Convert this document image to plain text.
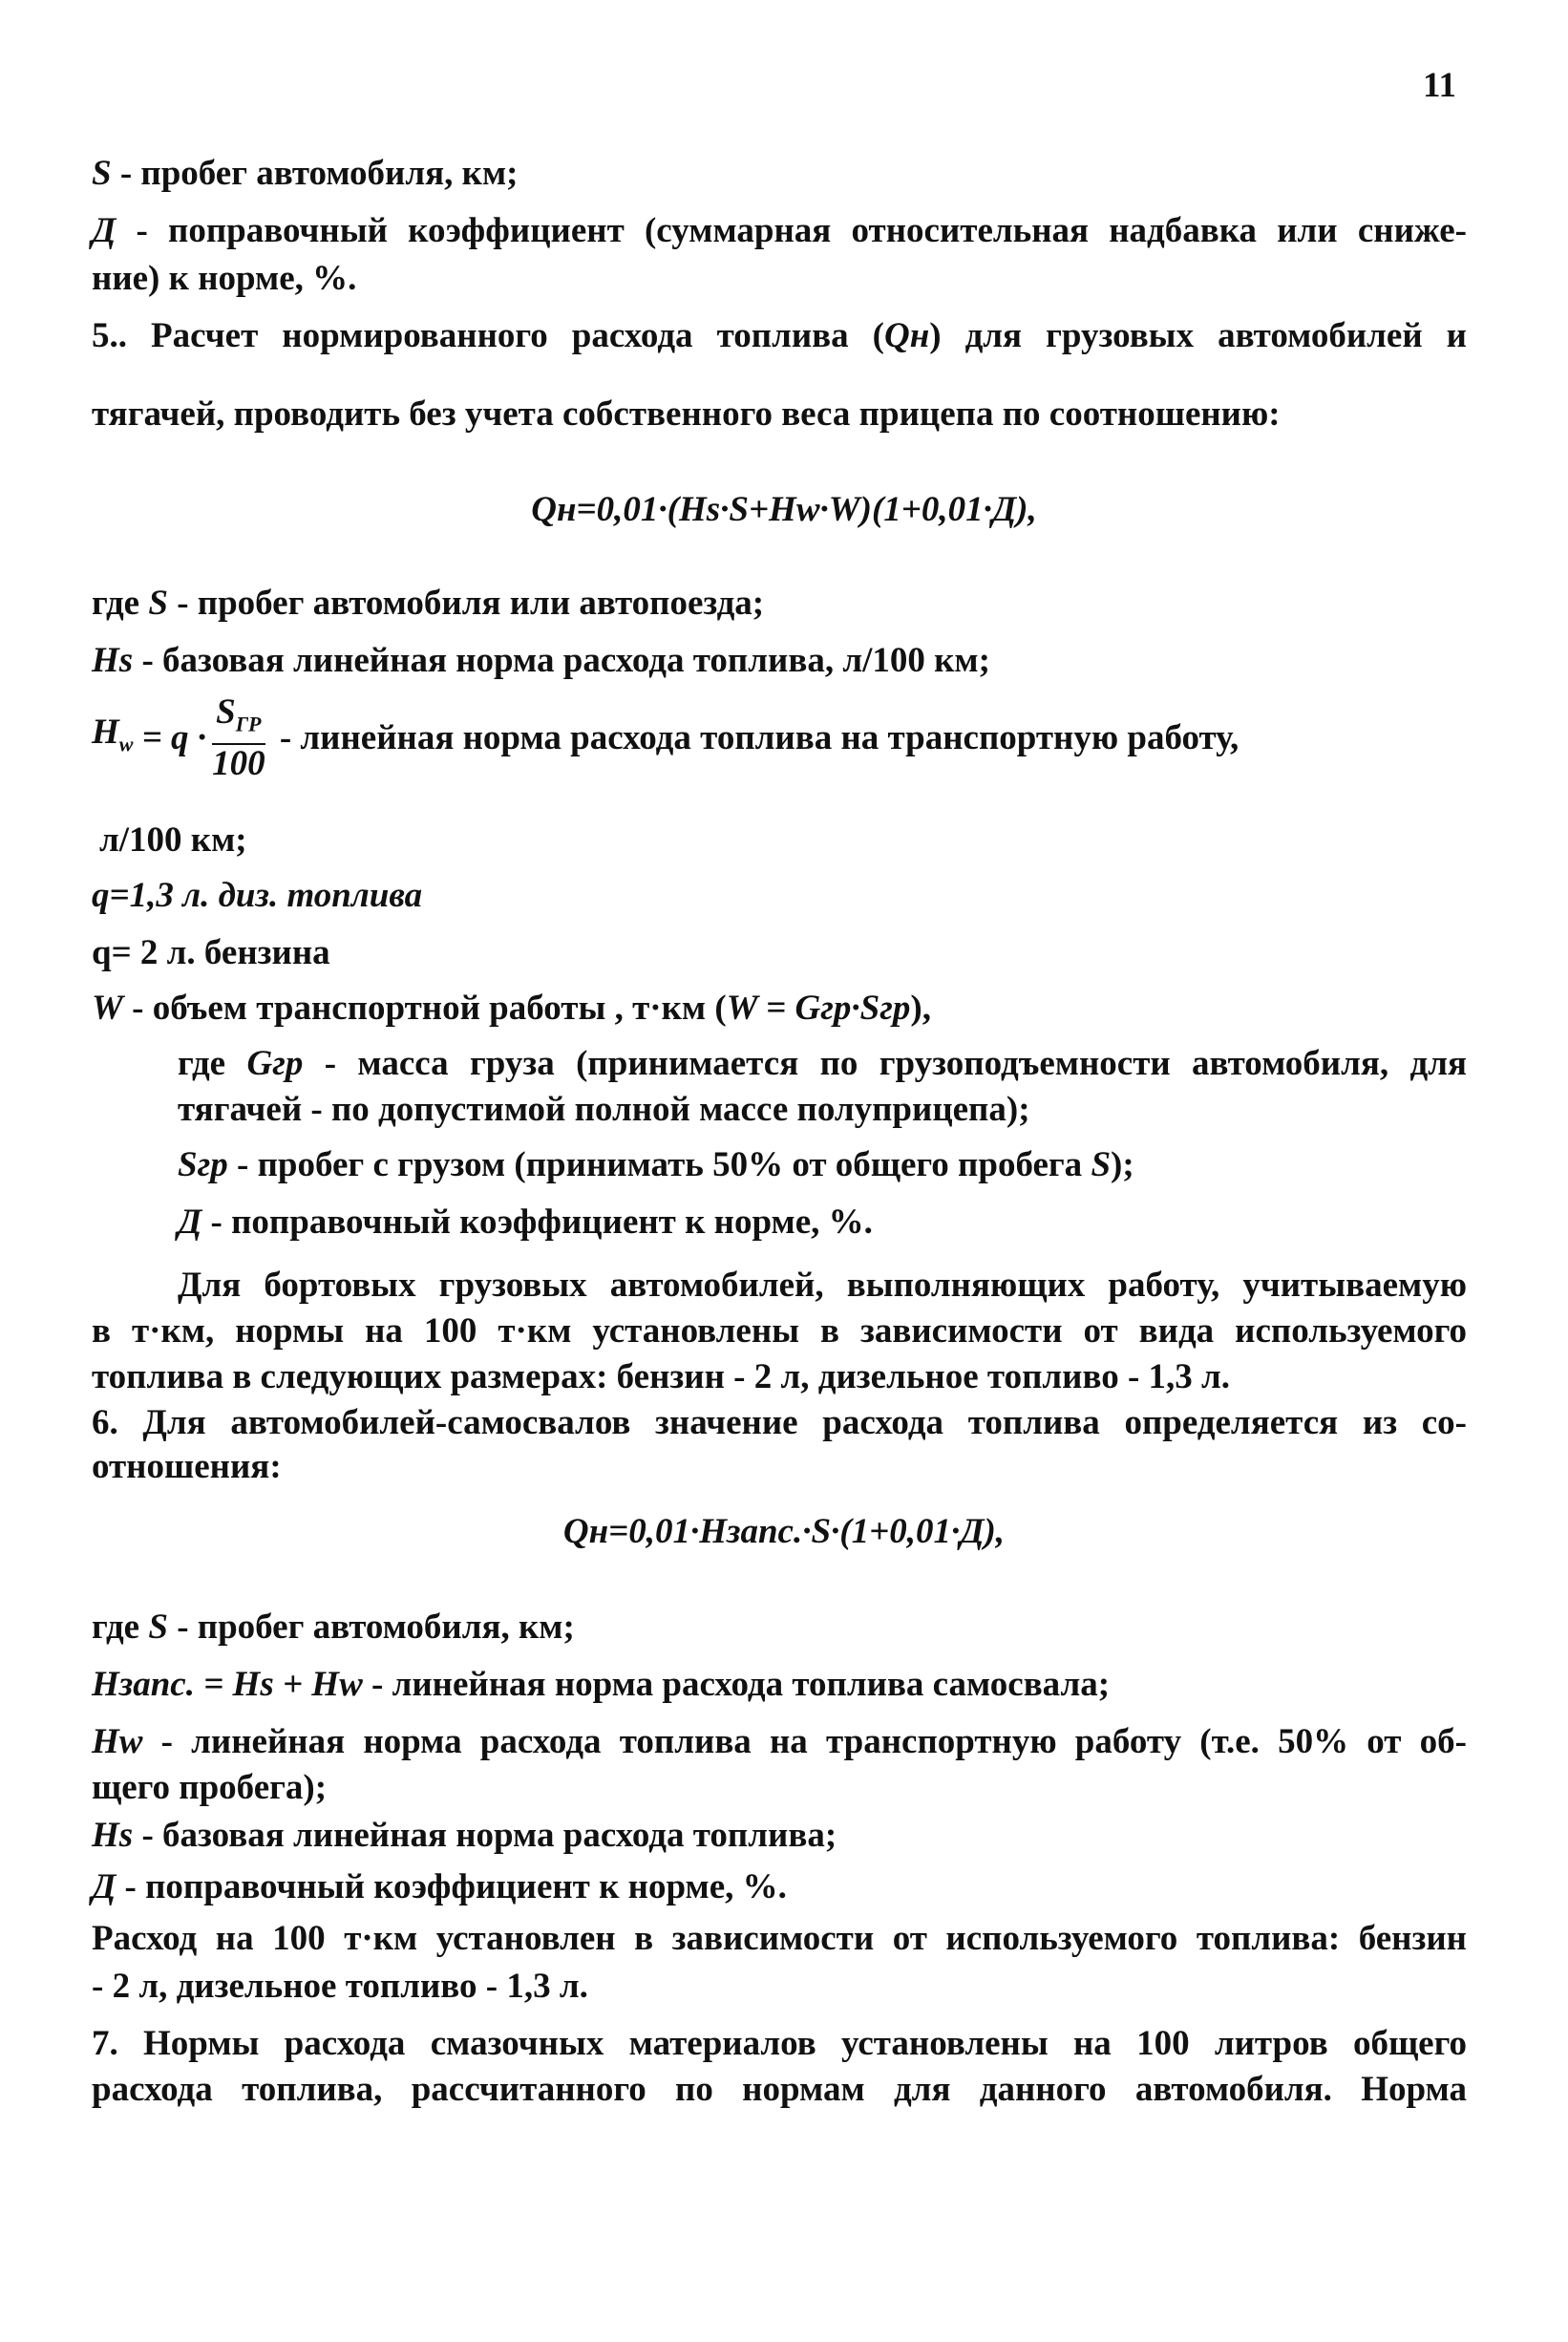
11
S - пробег автомобиля, км;
Д - поправочный коэффициент (суммарная относительная надбавка или сниже-
ние) к норме, %.
5.. Расчет нормированного расхода топлива (Qн) для грузовых автомобилей и
тягачей, проводить без учета собственного веса прицепа по соотношению:
Qн=0,01·(Hs·S+Hw·W)(1+0,01·Д),
где S - пробег автомобиля или автопоезда;
Hs - базовая линейная норма расхода топлива, л/100 км;
$H_w = q \cdot \frac{S_{ГР}}{100}$ - линейная норма расхода топлива на транспортную работу,
л/100 км;
q=1,3 л. диз. топлива
q= 2 л. бензина
W - объем транспортной работы , т·км (W = Gгр·Sгр),
где Gгр - масса груза (принимается по грузоподъемности автомобиля, для
тягачей - по допустимой полной массе полуприцепа);
Sгр - пробег с грузом (принимать 50% от общего пробега S);
Д - поправочный коэффициент к норме, %.
Для бортовых грузовых автомобилей, выполняющих работу, учитываемую
в т·км, нормы на 100 т·км установлены в зависимости от вида используемого
топлива в следующих размерах: бензин - 2 л, дизельное топливо - 1,3 л.
6. Для автомобилей-самосвалов значение расхода топлива определяется из со-
отношения:
Qн=0,01·Hзапс.·S·(1+0,01·Д),
где S - пробег автомобиля, км;
Hзапс. = Hs + Hw - линейная норма расхода топлива самосвала;
Hw - линейная норма расхода топлива на транспортную работу (т.е. 50% от об-
щего пробега);
Hs - базовая линейная норма расхода топлива;
Д - поправочный коэффициент к норме, %.
Расход на 100 т·км установлен в зависимости от используемого топлива: бензин
- 2 л, дизельное топливо - 1,3 л.
7. Нормы расхода смазочных материалов установлены на 100 литров общего
расхода топлива, рассчитанного по нормам для данного автомобиля. Норма
